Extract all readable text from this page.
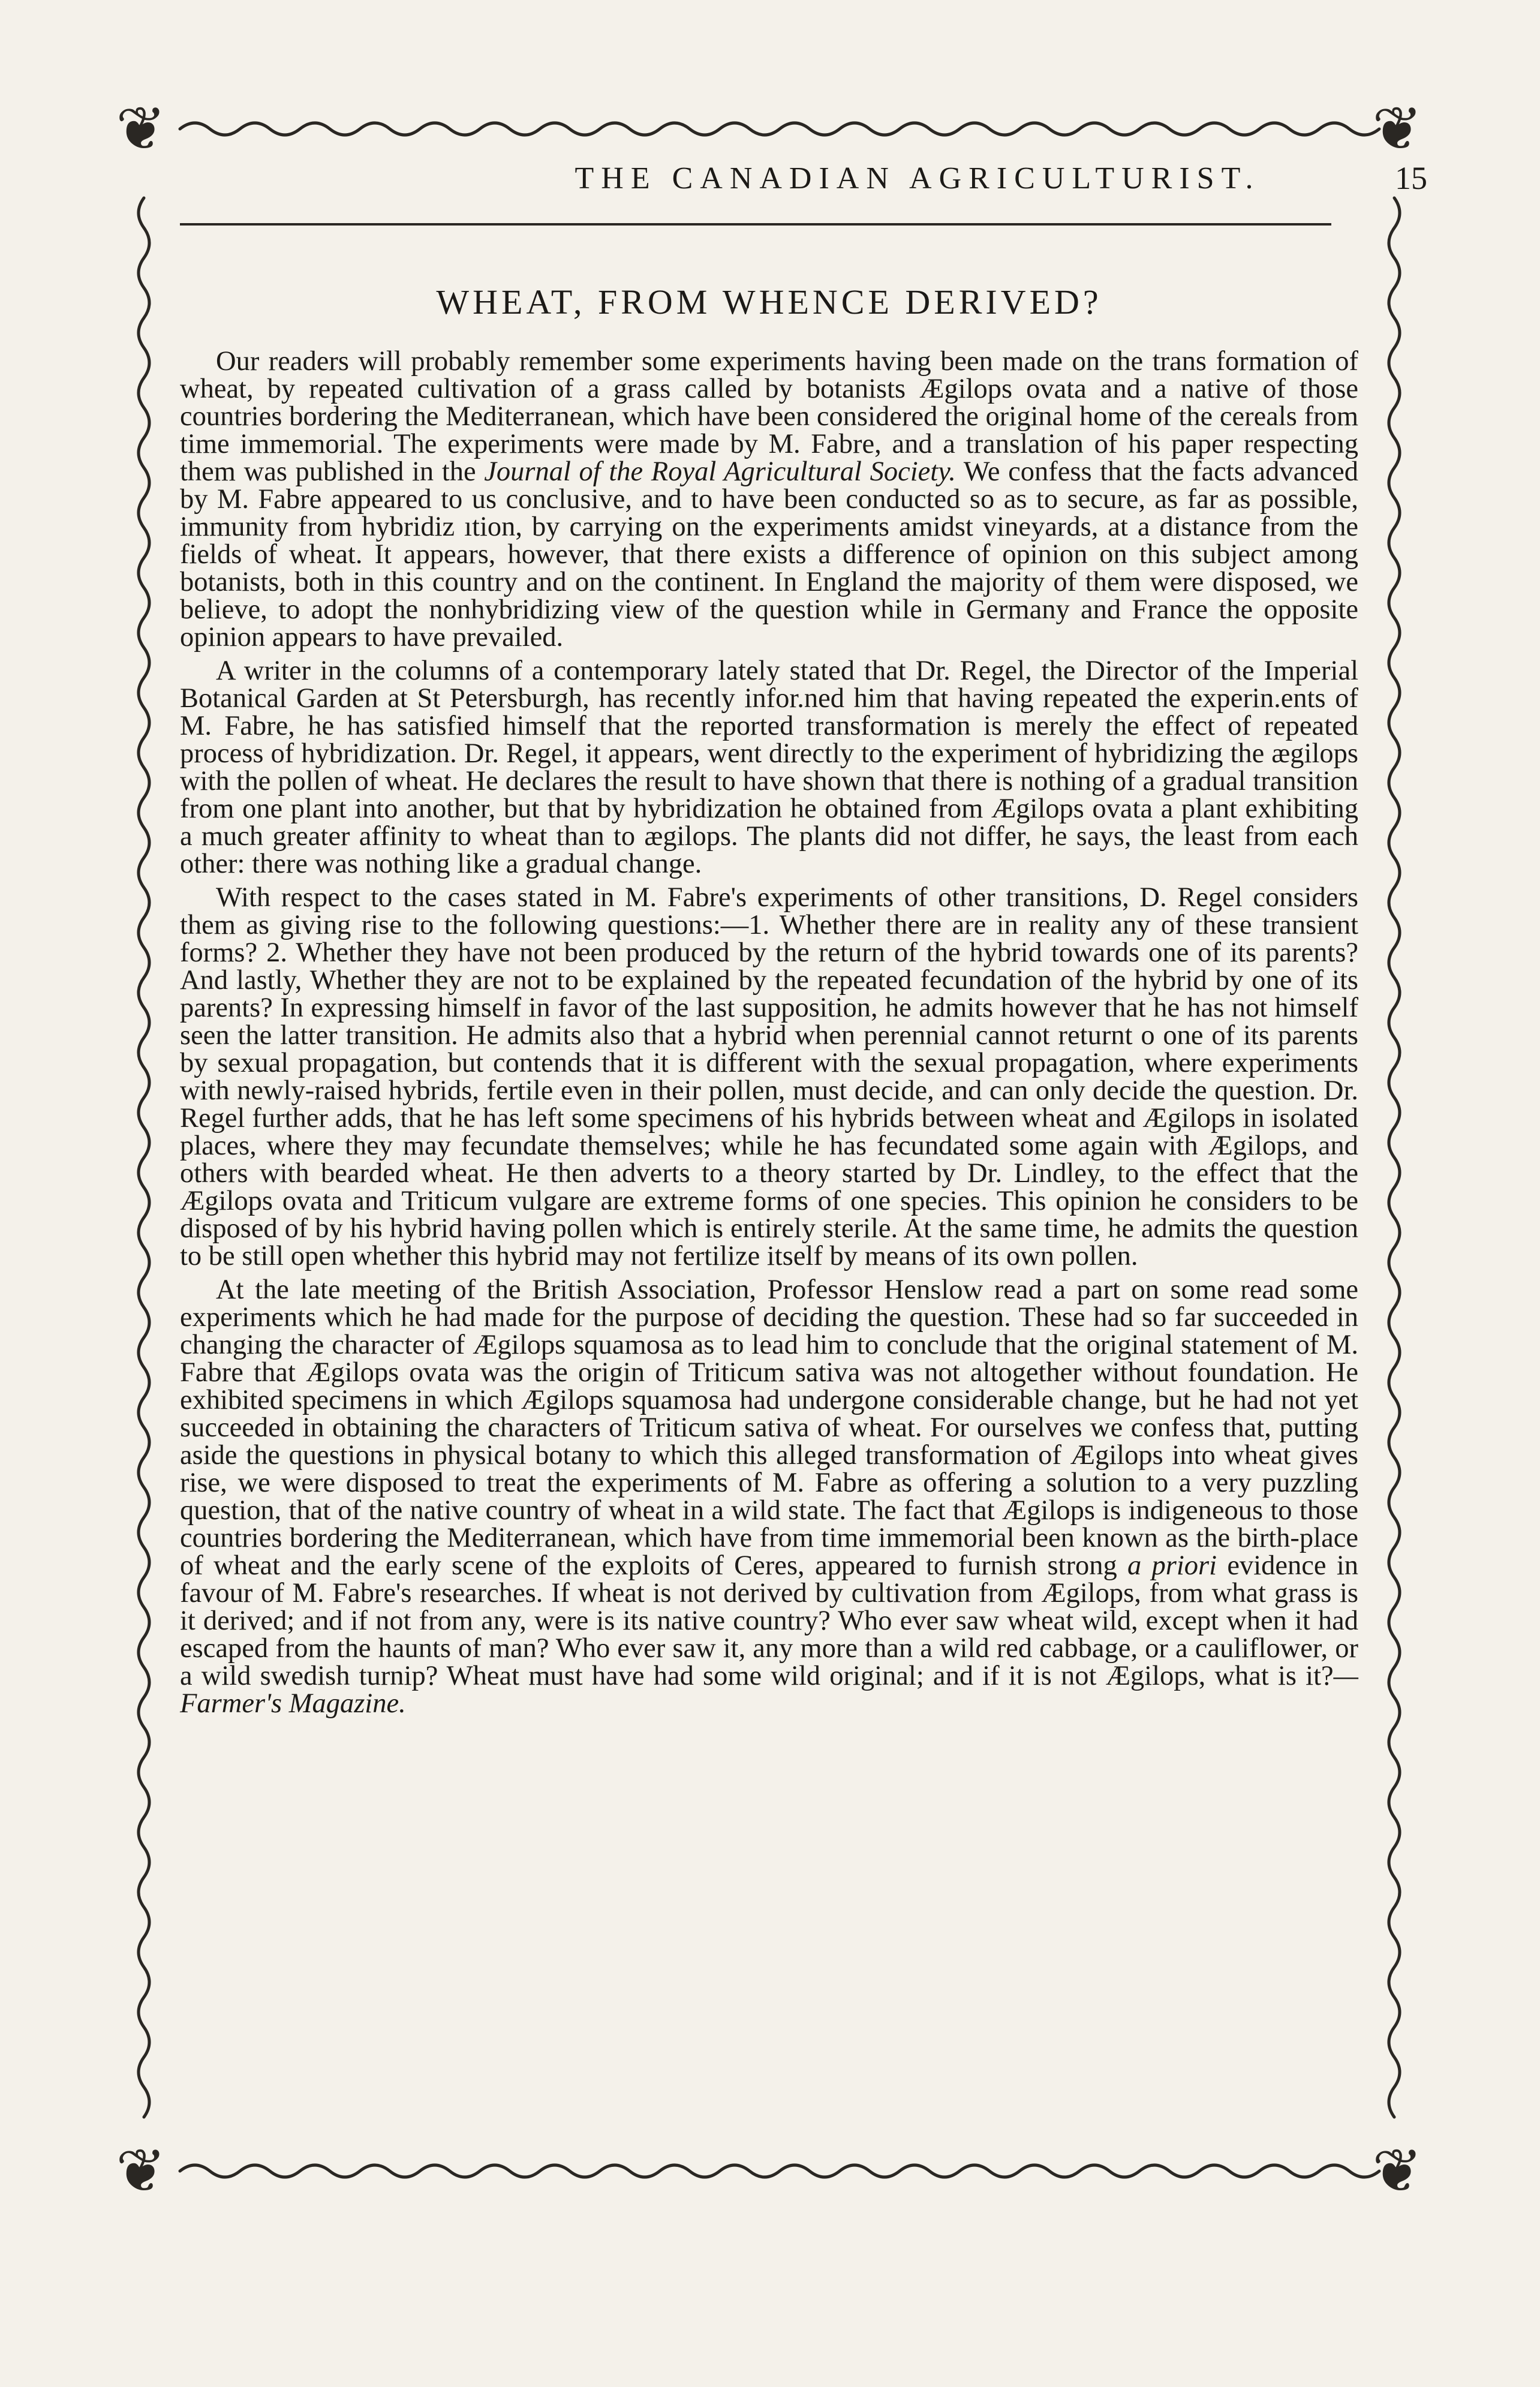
❦	❦
❦	❦
THE CANADIAN AGRICULTURIST.	15
WHEAT, FROM WHENCE DERIVED?

Our readers will probably remember some experiments having been made on the trans formation of wheat, by repeated cultivation of a grass called by botanists Ægilops ovata and a native of those countries bordering the Mediterranean, which have been considered the original home of the cereals from time immemorial. The experiments were made by M. Fabre, and a translation of his paper respecting them was published in the Journal of the Royal Agricultural Society. We confess that the facts advanced by M. Fabre appeared to us conclusive, and to have been conducted so as to secure, as far as possible, immunity from hybridiz ıtion, by carrying on the experiments amidst vineyards, at a distance from the fields of wheat. It appears, however, that there exists a difference of opinion on this subject among botanists, both in this country and on the continent. In England the majority of them were disposed, we believe, to adopt the nonhybridizing view of the question while in Germany and France the opposite opinion appears to have prevailed.

A writer in the columns of a contemporary lately stated that Dr. Regel, the Director of the Imperial Botanical Garden at St Petersburgh, has recently infor.ned him that having repeated the experin.ents of M. Fabre, he has satisfied himself that the reported transformation is merely the effect of repeated process of hybridization. Dr. Regel, it appears, went directly to the experiment of hybridizing the ægilops with the pollen of wheat. He declares the result to have shown that there is nothing of a gradual transition from one plant into another, but that by hybridization he obtained from Ægilops ovata a plant exhibiting a much greater affinity to wheat than to ægilops. The plants did not differ, he says, the least from each other: there was nothing like a gradual change.

With respect to the cases stated in M. Fabre's experiments of other transitions, D. Regel considers them as giving rise to the following questions:—1. Whether there are in reality any of these transient forms? 2. Whether they have not been produced by the return of the hybrid towards one of its parents? And lastly, Whether they are not to be explained by the repeated fecundation of the hybrid by one of its parents? In expressing himself in favor of the last supposition, he admits however that he has not himself seen the latter transition. He admits also that a hybrid when perennial cannot returnt o one of its parents by sexual propagation, but contends that it is different with the sexual propagation, where experiments with newly-raised hybrids, fertile even in their pollen, must decide, and can only decide the question. Dr. Regel further adds, that he has left some specimens of his hybrids between wheat and Ægilops in isolated places, where they may fecundate themselves; while he has fecundated some again with Ægilops, and others with bearded wheat. He then adverts to a theory started by Dr. Lindley, to the effect that the Ægilops ovata and Triticum vulgare are extreme forms of one species. This opinion he considers to be disposed of by his hybrid having pollen which is entirely sterile. At the same time, he admits the question to be still open whether this hybrid may not fertilize itself by means of its own pollen.

At the late meeting of the British Association, Professor Henslow read a part on some read some experiments which he had made for the purpose of deciding the question. These had so far succeeded in changing the character of Ægilops squamosa as to lead him to conclude that the original statement of M. Fabre that Ægilops ovata was the origin of Triticum sativa was not altogether without foundation. He exhibited specimens in which Ægilops squamosa had undergone considerable change, but he had not yet succeeded in obtaining the characters of Triticum sativa of wheat. For ourselves we confess that, putting aside the questions in physical botany to which this alleged transformation of Ægilops into wheat gives rise, we were disposed to treat the experiments of M. Fabre as offering a solution to a very puzzling question, that of the native country of wheat in a wild state. The fact that Ægilops is indigeneous to those countries bordering the Mediterranean, which have from time immemorial been known as the birth-place of wheat and the early scene of the exploits of Ceres, appeared to furnish strong a priori evidence in favour of M. Fabre's researches. If wheat is not derived by cultivation from Ægilops, from what grass is it derived; and if not from any, were is its native country? Who ever saw wheat wild, except when it had escaped from the haunts of man? Who ever saw it, any more than a wild red cabbage, or a cauliflower, or a wild swedish turnip? Wheat must have had some wild original; and if it is not Ægilops, what is it?—Farmer's Magazine.
